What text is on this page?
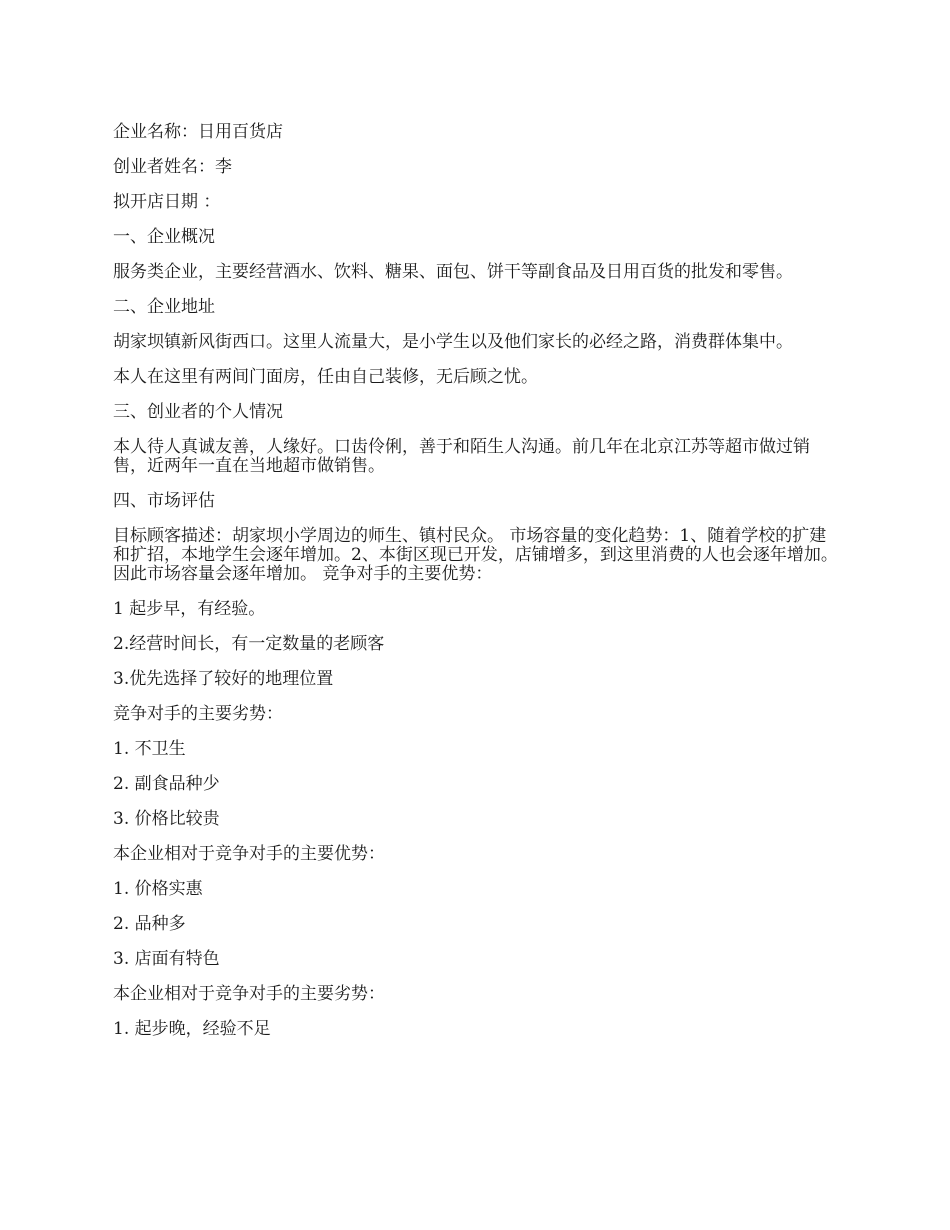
企业名称：日用百货店

创业者姓名：李

拟开店日期 ：

一、企业概况

服务类企业，主要经营酒水、饮料、糖果、面包、饼干等副食品及日用百货的批发和零售。

二、企业地址

胡家坝镇新风街西口。这里人流量大，是小学生以及他们家长的必经之路，消费群体集中。

本人在这里有两间门面房，任由自己装修，无后顾之忧。

三、创业者的个人情况

本人待人真诚友善，人缘好。口齿伶俐，善于和陌生人沟通。前几年在北京江苏等超市做过销售，近两年一直在当地超市做销售。

四、市场评估

目标顾客描述：胡家坝小学周边的师生、镇村民众。 市场容量的变化趋势：1、随着学校的扩建和扩招，本地学生会逐年增加。2、本街区现已开发，店铺增多，到这里消费的人也会逐年增加。因此市场容量会逐年增加。 竞争对手的主要优势：

1 起步早，有经验。

2.经营时间长，有一定数量的老顾客

3.优先选择了较好的地理位置

竞争对手的主要劣势：

1. 不卫生

2. 副食品种少

3. 价格比较贵

本企业相对于竞争对手的主要优势：

1. 价格实惠

2. 品种多

3. 店面有特色

本企业相对于竞争对手的主要劣势：

1. 起步晚，经验不足
